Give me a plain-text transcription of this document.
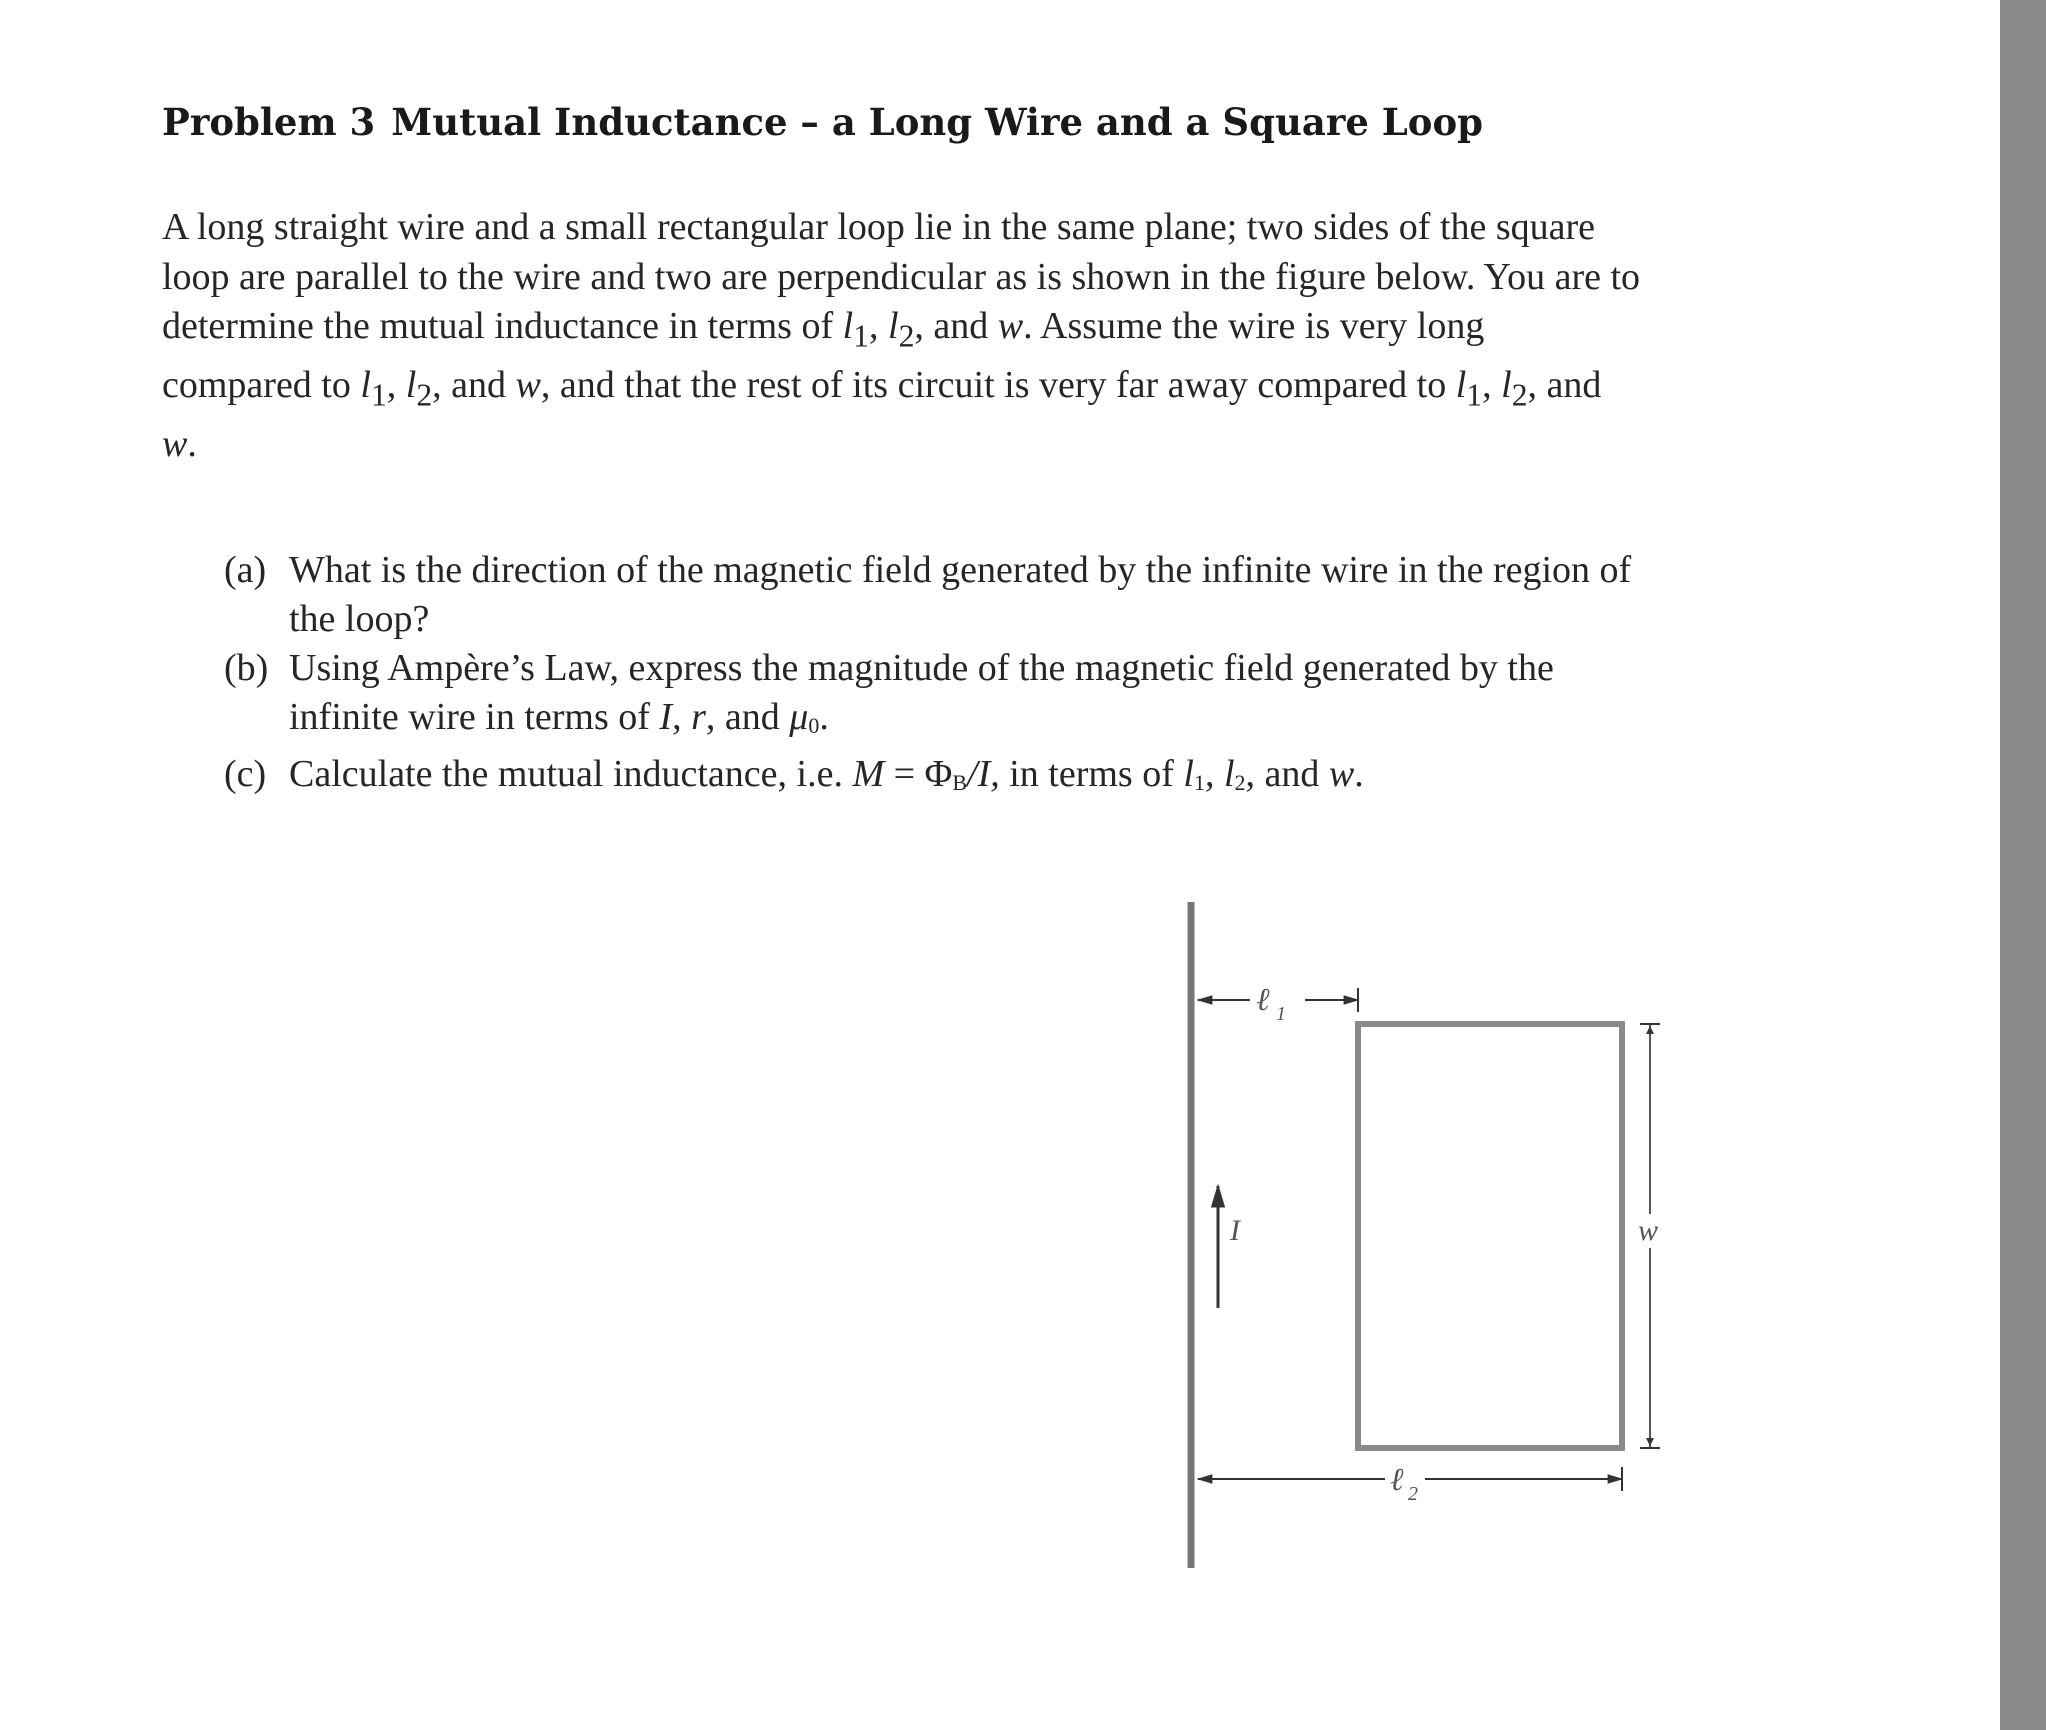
Problem 3 Mutual Inductance – a Long Wire and a Square Loop

A long straight wire and a small rectangular loop lie in the same plane; two sides of the square loop are parallel to the wire and two are perpendicular as is shown in the figure below. You are to determine the mutual inductance in terms of $l_1$, $l_2$, and w. Assume the wire is very long compared to $l_1$, $l_2$, and w, and that the rest of its circuit is very far away compared to $l_1$, $l_2$, and w.

(a) What is the direction of the magnetic field generated by the infinite wire in the region of the loop?
(b) Using Ampère’s Law, express the magnitude of the magnetic field generated by the infinite wire in terms of I, r, and $\mu_0$.
(c) Calculate the mutual inductance, i.e. $M = \Phi_B/I$, in terms of $l_1$, $l_2$, and w.
I
ℓ 1
ℓ 2
w
